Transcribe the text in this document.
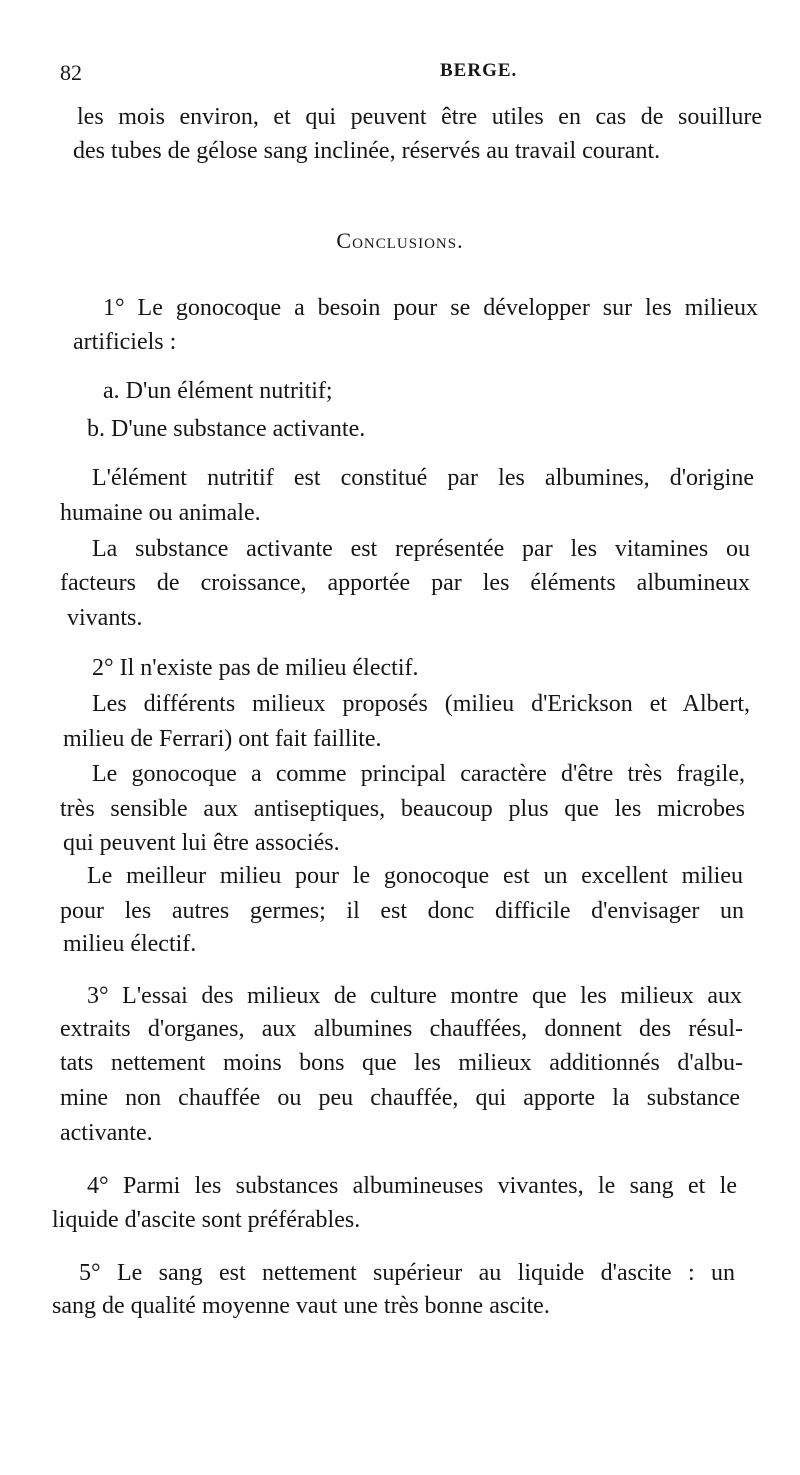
82	BERGE.
les mois environ, et qui peuvent être utiles en cas de souillure
des tubes de gélose sang inclinée, réservés au travail courant.
Conclusions.
1° Le gonocoque a besoin pour se développer sur les milieux
artificiels :
a. D'un élément nutritif;
b. D'une substance activante.
L'élément nutritif est constitué par les albumines, d'origine
humaine ou animale.
La substance activante est représentée par les vitamines ou
facteurs de croissance, apportée par les éléments albumineux
vivants.
2° Il n'existe pas de milieu électif.
Les différents milieux proposés (milieu d'Erickson et Albert,
milieu de Ferrari) ont fait faillite.
Le gonocoque a comme principal caractère d'être très fragile,
très sensible aux antiseptiques, beaucoup plus que les microbes
qui peuvent lui être associés.
Le meilleur milieu pour le gonocoque est un excellent milieu
pour les autres germes; il est donc difficile d'envisager un
milieu électif.
3° L'essai des milieux de culture montre que les milieux aux
extraits d'organes, aux albumines chauffées, donnent des résul-
tats nettement moins bons que les milieux additionnés d'albu-
mine non chauffée ou peu chauffée, qui apporte la substance
activante.
4° Parmi les substances albumineuses vivantes, le sang et le
liquide d'ascite sont préférables.
5° Le sang est nettement supérieur au liquide d'ascite : un
sang de qualité moyenne vaut une très bonne ascite.
